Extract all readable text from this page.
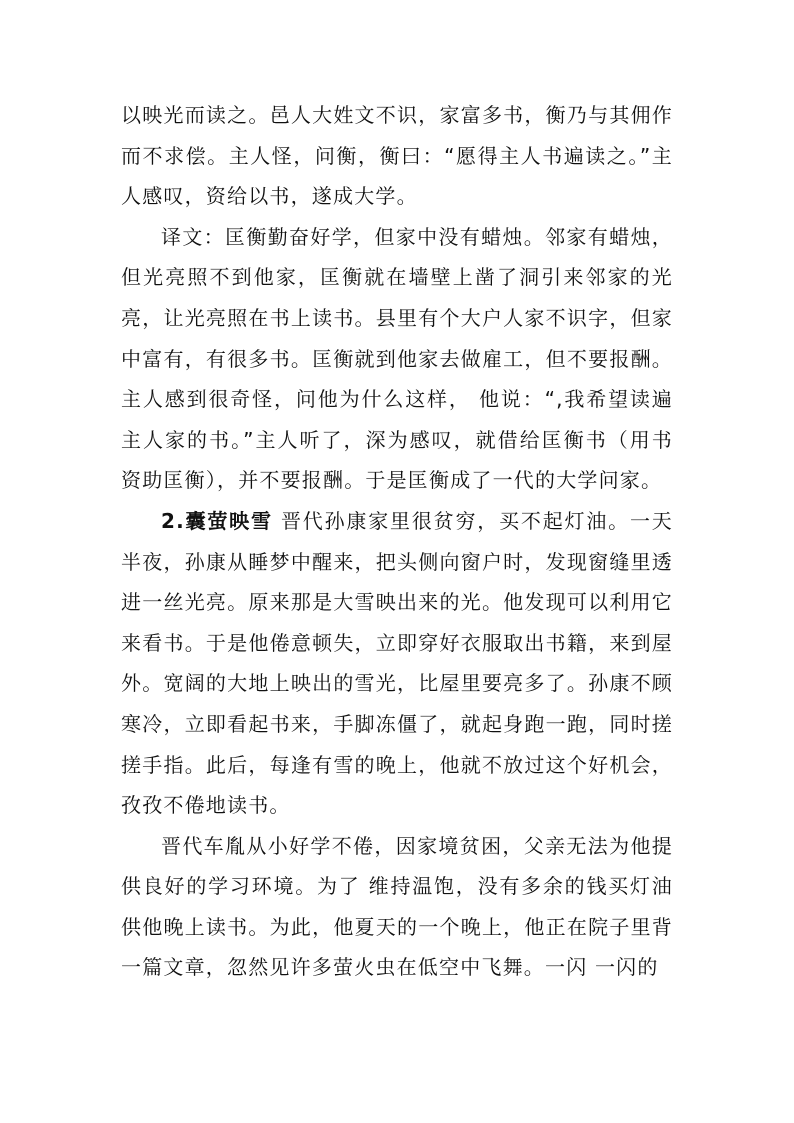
以映光而读之。邑人大姓文不识，家富多书，衡乃与其佣作而不求偿。主人怪，问衡，衡曰：“愿得主人书遍读之。”主人感叹，资给以书，遂成大学。

译文：匡衡勤奋好学，但家中没有蜡烛。邻家有蜡烛，但光亮照不到他家，匡衡就在墙壁上凿了洞引来邻家的光亮，让光亮照在书上读书。县里有个大户人家不识字，但家中富有，有很多书。匡衡就到他家去做雇工，但不要报酬。主人感到很奇怪，问他为什么这样， 他说：“,我希望读遍主人家的书。”主人听了，深为感叹，就借给匡衡书（用书资助匡衡），并不要报酬。于是匡衡成了一代的大学问家。

2.囊萤映雪 晋代孙康家里很贫穷，买不起灯油。一天半夜，孙康从睡梦中醒来，把头侧向窗户时，发现窗缝里透进一丝光亮。原来那是大雪映出来的光。他发现可以利用它来看书。于是他倦意顿失，立即穿好衣服取出书籍，来到屋外。宽阔的大地上映出的雪光，比屋里要亮多了。孙康不顾寒冷，立即看起书来，手脚冻僵了，就起身跑一跑，同时搓搓手指。此后，每逢有雪的晚上，他就不放过这个好机会，孜孜不倦地读书。

晋代车胤从小好学不倦，因家境贫困，父亲无法为他提供良好的学习环境。为了 维持温饱，没有多余的钱买灯油供他晚上读书。为此，他夏天的一个晚上，他正在院子里背一篇文章，忽然见许多萤火虫在低空中飞舞。一闪 一闪的
